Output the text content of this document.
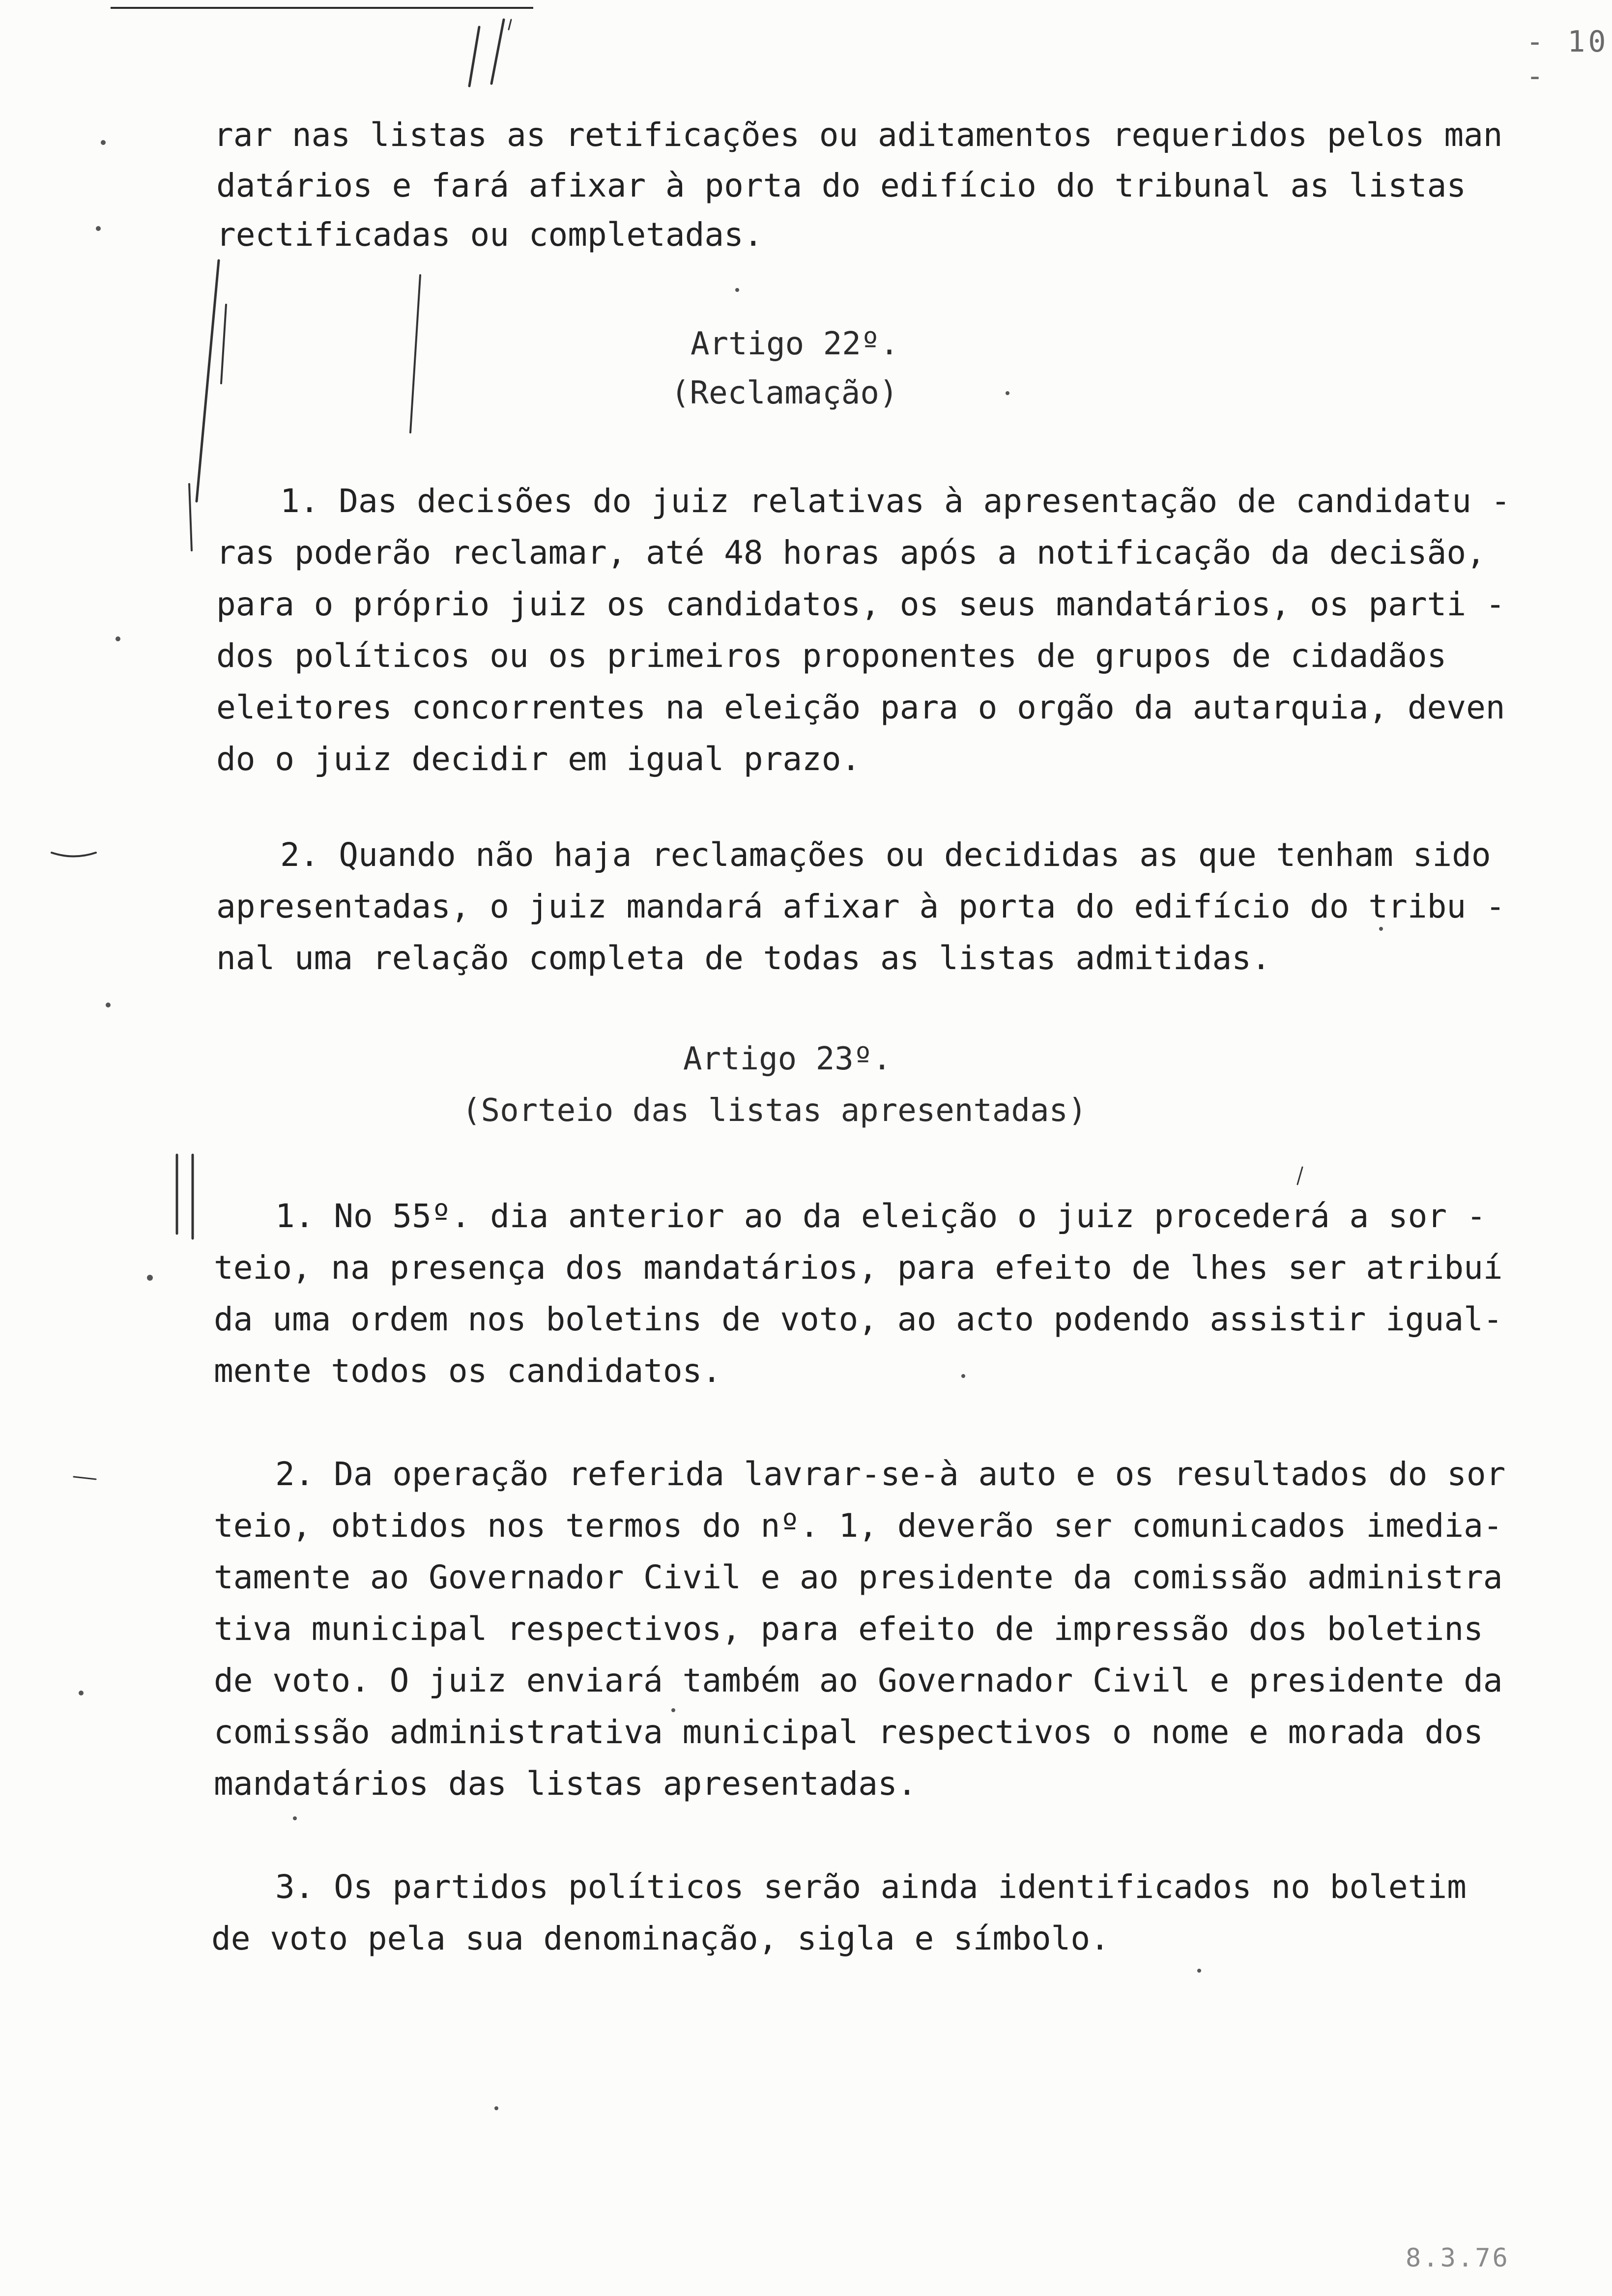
- 10 -
rar nas listas as retificações ou aditamentos requeridos pelos man
datários e fará afixar à porta do edifício do tribunal as listas
rectificadas ou completadas.
Artigo 22º.
(Reclamação)
1. Das decisões do juiz relativas à apresentação de candidatu -
ras poderão reclamar, até 48 horas após a notificação da decisão,
para o próprio juiz os candidatos, os seus mandatários, os parti -
dos políticos ou os primeiros proponentes de grupos de cidadãos
eleitores concorrentes na eleição para o orgão da autarquia, deven
do o juiz decidir em igual prazo.
2. Quando não haja reclamações ou decididas as que tenham sido
apresentadas, o juiz mandará afixar à porta do edifício do tribu -
nal uma relação completa de todas as listas admitidas.
Artigo 23º.
(Sorteio das listas apresentadas)
1. No 55º. dia anterior ao da eleição o juiz procederá a sor -
teio, na presença dos mandatários, para efeito de lhes ser atribuí
da uma ordem nos boletins de voto, ao acto podendo assistir igual-
mente todos os candidatos.
2. Da operação referida lavrar-se-à auto e os resultados do sor
teio, obtidos nos termos do nº. 1, deverão ser comunicados imedia-
tamente ao Governador Civil e ao presidente da comissão administra
tiva municipal respectivos, para efeito de impressão dos boletins
de voto. O juiz enviará também ao Governador Civil e presidente da
comissão administrativa municipal respectivos o nome e morada dos
mandatários das listas apresentadas.
3. Os partidos políticos serão ainda identificados no boletim
de voto pela sua denominação, sigla e símbolo.
8.3.76
